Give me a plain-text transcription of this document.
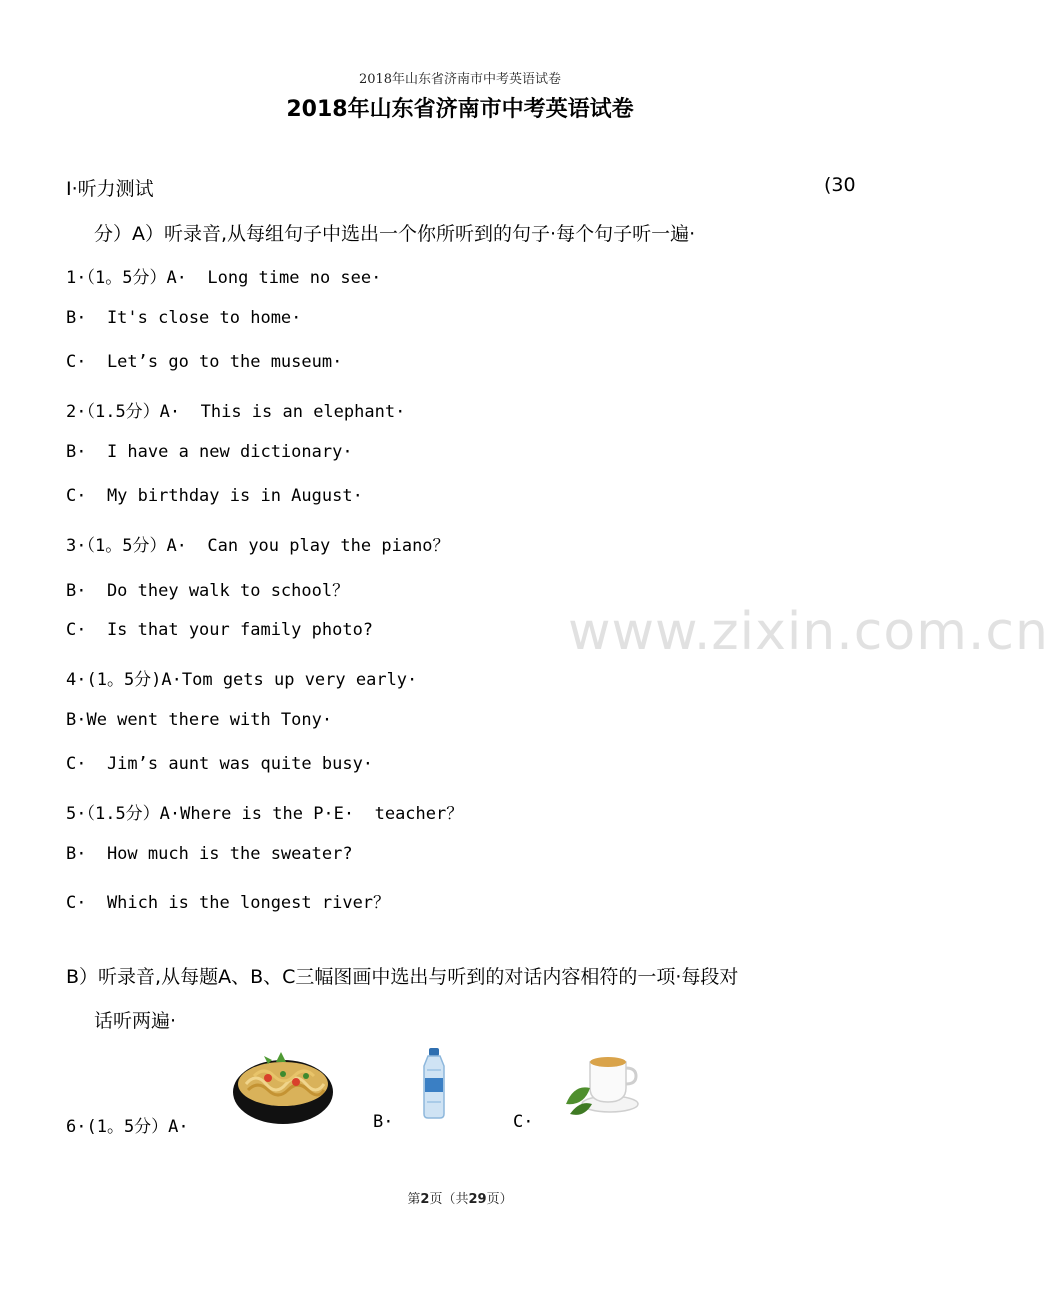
2018年山东省济南市中考英语试卷
2018年山东省济南市中考英语试卷
Ⅰ·听力测试	(30
分）A）听录音,从每组句子中选出一个你所听到的句子·每个句子听一遍·
1·（1。5分）A·  Long time no see·
B·  It's close to home·
C·  Let’s go to the museum·
2·（1.5分）A·  This is an elephant·
B·  I have a new dictionary·
C·  My birthday is in August·
3·（1。5分）A·  Can you play the piano？
B·  Do they walk to school？
C·  Is that your family photo?
4·(1。5分)A·Tom gets up very early·
B·We went there with Tony·
C·  Jim’s aunt was quite busy·
5·（1.5分）A·Where is the P·E·  teacher？
B·  How much is the sweater?
C·  Which is the longest river？
www.zixin.com.cn
B）听录音,从每题A、B、C三幅图画中选出与听到的对话内容相符的一项·每段对
话听两遍·
6·(1。5分）A·	B·	C·
第2页（共29页）
